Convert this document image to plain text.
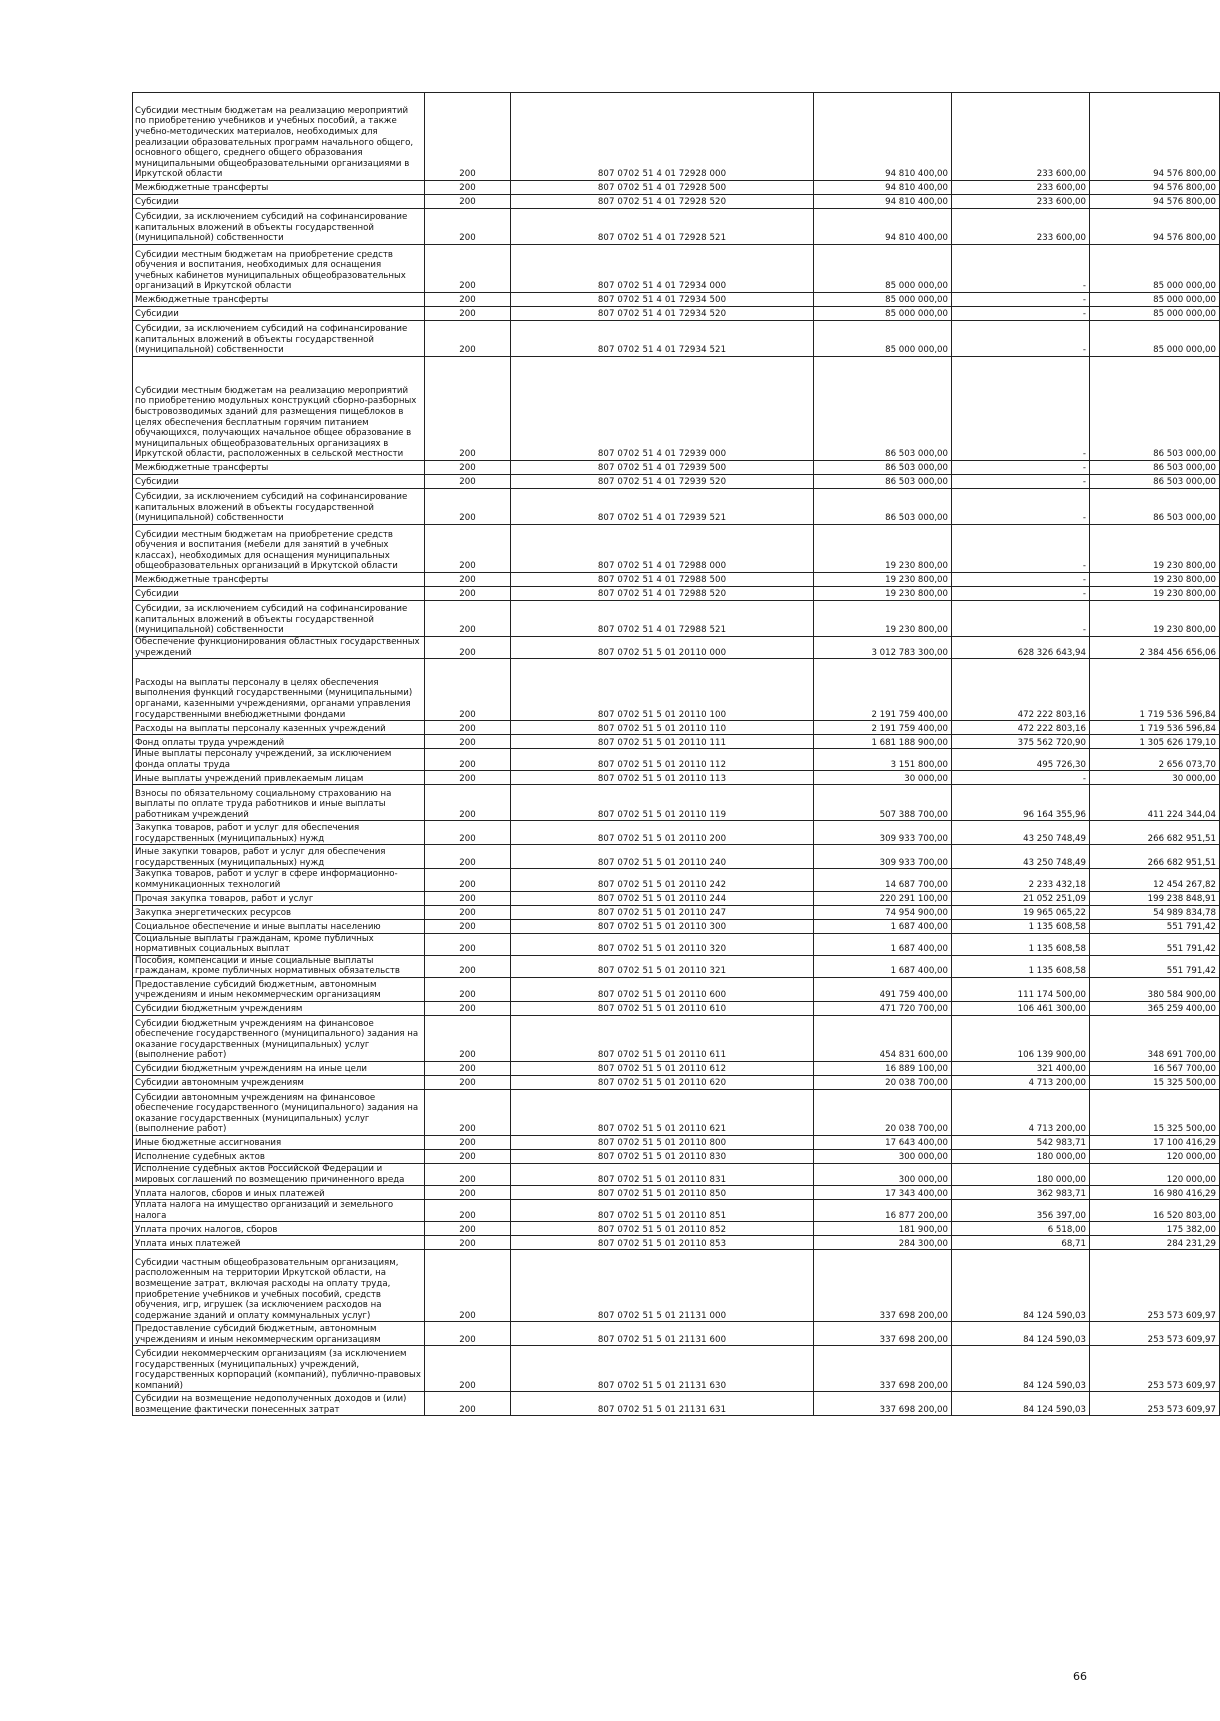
Субсидии местным бюджетам на реализацию мероприятий по приобретению учебников и учебных пособий, а также учебно-методических материалов, необходимых для реализации образовательных программ начального общего, основного общего, среднего общего образования муниципальными общеобразовательными организациями в Иркутской области	200	807 0702 51 4 01 72928 000	94 810 400,00	233 600,00	94 576 800,00
Межбюджетные трансферты	200	807 0702 51 4 01 72928 500	94 810 400,00	233 600,00	94 576 800,00
Субсидии	200	807 0702 51 4 01 72928 520	94 810 400,00	233 600,00	94 576 800,00
Субсидии, за исключением субсидий на софинансирование капитальных вложений в объекты государственной (муниципальной) собственности	200	807 0702 51 4 01 72928 521	94 810 400,00	233 600,00	94 576 800,00
Субсидии местным бюджетам на приобретение средств обучения и воспитания, необходимых для оснащения учебных кабинетов муниципальных общеобразовательных организаций в Иркутской области	200	807 0702 51 4 01 72934 000	85 000 000,00	-	85 000 000,00
Межбюджетные трансферты	200	807 0702 51 4 01 72934 500	85 000 000,00	-	85 000 000,00
Субсидии	200	807 0702 51 4 01 72934 520	85 000 000,00	-	85 000 000,00
Субсидии, за исключением субсидий на софинансирование капитальных вложений в объекты государственной (муниципальной) собственности	200	807 0702 51 4 01 72934 521	85 000 000,00	-	85 000 000,00
Субсидии местным бюджетам на реализацию мероприятий по приобретению модульных конструкций сборно-разборных быстровозводимых зданий для размещения пищеблоков в целях обеспечения бесплатным горячим питанием обучающихся, получающих начальное общее образование в муниципальных общеобразовательных организациях в Иркутской области, расположенных в сельской местности	200	807 0702 51 4 01 72939 000	86 503 000,00	-	86 503 000,00
Межбюджетные трансферты	200	807 0702 51 4 01 72939 500	86 503 000,00	-	86 503 000,00
Субсидии	200	807 0702 51 4 01 72939 520	86 503 000,00	-	86 503 000,00
Субсидии, за исключением субсидий на софинансирование капитальных вложений в объекты государственной (муниципальной) собственности	200	807 0702 51 4 01 72939 521	86 503 000,00	-	86 503 000,00
Субсидии местным бюджетам на приобретение средств обучения и воспитания (мебели для занятий в учебных классах), необходимых для оснащения муниципальных общеобразовательных организаций в Иркутской области	200	807 0702 51 4 01 72988 000	19 230 800,00	-	19 230 800,00
Межбюджетные трансферты	200	807 0702 51 4 01 72988 500	19 230 800,00	-	19 230 800,00
Субсидии	200	807 0702 51 4 01 72988 520	19 230 800,00	-	19 230 800,00
Субсидии, за исключением субсидий на софинансирование капитальных вложений в объекты государственной (муниципальной) собственности	200	807 0702 51 4 01 72988 521	19 230 800,00	-	19 230 800,00
Обеспечение функционирования областных государственных учреждений	200	807 0702 51 5 01 20110 000	3 012 783 300,00	628 326 643,94	2 384 456 656,06
Расходы на выплаты персоналу в целях обеспечения выполнения функций государственными (муниципальными) органами, казенными учреждениями, органами управления государственными внебюджетными фондами	200	807 0702 51 5 01 20110 100	2 191 759 400,00	472 222 803,16	1 719 536 596,84
Расходы на выплаты персоналу казенных учреждений	200	807 0702 51 5 01 20110 110	2 191 759 400,00	472 222 803,16	1 719 536 596,84
Фонд оплаты труда учреждений	200	807 0702 51 5 01 20110 111	1 681 188 900,00	375 562 720,90	1 305 626 179,10
Иные выплаты персоналу учреждений, за исключением фонда оплаты труда	200	807 0702 51 5 01 20110 112	3 151 800,00	495 726,30	2 656 073,70
Иные выплаты учреждений привлекаемым лицам	200	807 0702 51 5 01 20110 113	30 000,00	-	30 000,00
Взносы по обязательному социальному страхованию на выплаты по оплате труда работников и иные выплаты работникам учреждений	200	807 0702 51 5 01 20110 119	507 388 700,00	96 164 355,96	411 224 344,04
Закупка товаров, работ и услуг для обеспечения государственных (муниципальных) нужд	200	807 0702 51 5 01 20110 200	309 933 700,00	43 250 748,49	266 682 951,51
Иные закупки товаров, работ и услуг для обеспечения государственных (муниципальных) нужд	200	807 0702 51 5 01 20110 240	309 933 700,00	43 250 748,49	266 682 951,51
Закупка товаров, работ и услуг в сфере информационно-коммуникационных технологий	200	807 0702 51 5 01 20110 242	14 687 700,00	2 233 432,18	12 454 267,82
Прочая закупка товаров, работ и услуг	200	807 0702 51 5 01 20110 244	220 291 100,00	21 052 251,09	199 238 848,91
Закупка энергетических ресурсов	200	807 0702 51 5 01 20110 247	74 954 900,00	19 965 065,22	54 989 834,78
Социальное обеспечение и иные выплаты населению	200	807 0702 51 5 01 20110 300	1 687 400,00	1 135 608,58	551 791,42
Социальные выплаты гражданам, кроме публичных нормативных социальных выплат	200	807 0702 51 5 01 20110 320	1 687 400,00	1 135 608,58	551 791,42
Пособия, компенсации и иные социальные выплаты гражданам, кроме публичных нормативных обязательств	200	807 0702 51 5 01 20110 321	1 687 400,00	1 135 608,58	551 791,42
Предоставление субсидий бюджетным, автономным учреждениям и иным некоммерческим организациям	200	807 0702 51 5 01 20110 600	491 759 400,00	111 174 500,00	380 584 900,00
Субсидии бюджетным учреждениям	200	807 0702 51 5 01 20110 610	471 720 700,00	106 461 300,00	365 259 400,00
Субсидии бюджетным учреждениям на финансовое обеспечение государственного (муниципального) задания на оказание государственных (муниципальных) услуг (выполнение работ)	200	807 0702 51 5 01 20110 611	454 831 600,00	106 139 900,00	348 691 700,00
Субсидии бюджетным учреждениям на иные цели	200	807 0702 51 5 01 20110 612	16 889 100,00	321 400,00	16 567 700,00
Субсидии автономным учреждениям	200	807 0702 51 5 01 20110 620	20 038 700,00	4 713 200,00	15 325 500,00
Субсидии автономным учреждениям на финансовое обеспечение государственного (муниципального) задания на оказание государственных (муниципальных) услуг (выполнение работ)	200	807 0702 51 5 01 20110 621	20 038 700,00	4 713 200,00	15 325 500,00
Иные бюджетные ассигнования	200	807 0702 51 5 01 20110 800	17 643 400,00	542 983,71	17 100 416,29
Исполнение судебных актов	200	807 0702 51 5 01 20110 830	300 000,00	180 000,00	120 000,00
Исполнение судебных актов Российской Федерации и мировых соглашений по возмещению причиненного вреда	200	807 0702 51 5 01 20110 831	300 000,00	180 000,00	120 000,00
Уплата налогов, сборов и иных платежей	200	807 0702 51 5 01 20110 850	17 343 400,00	362 983,71	16 980 416,29
Уплата налога на имущество организаций и земельного налога	200	807 0702 51 5 01 20110 851	16 877 200,00	356 397,00	16 520 803,00
Уплата прочих налогов, сборов	200	807 0702 51 5 01 20110 852	181 900,00	6 518,00	175 382,00
Уплата иных платежей	200	807 0702 51 5 01 20110 853	284 300,00	68,71	284 231,29
Субсидии частным общеобразовательным организациям, расположенным на территории Иркутской области, на возмещение затрат, включая расходы на оплату труда, приобретение учебников и учебных пособий, средств обучения, игр, игрушек (за исключением расходов на содержание зданий и оплату коммунальных услуг)	200	807 0702 51 5 01 21131 000	337 698 200,00	84 124 590,03	253 573 609,97
Предоставление субсидий бюджетным, автономным учреждениям и иным некоммерческим организациям	200	807 0702 51 5 01 21131 600	337 698 200,00	84 124 590,03	253 573 609,97
Субсидии некоммерческим организациям (за исключением государственных (муниципальных) учреждений, государственных корпораций (компаний), публично-правовых компаний)	200	807 0702 51 5 01 21131 630	337 698 200,00	84 124 590,03	253 573 609,97
Субсидии на возмещение недополученных доходов и (или) возмещение фактически понесенных затрат	200	807 0702 51 5 01 21131 631	337 698 200,00	84 124 590,03	253 573 609,97
66
